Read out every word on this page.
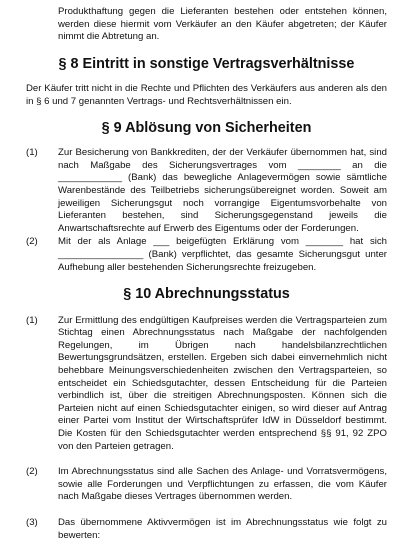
Produkthaftung gegen die Lieferanten bestehen oder entstehen können, werden diese hiermit vom Verkäufer an den Käufer abgetreten; der Käufer nimmt die Abtretung an.

§ 8 Eintritt in sonstige Vertragsverhältnisse

Der Käufer tritt nicht in die Rechte und Pflichten des Verkäufers aus anderen als den in § 6 und 7 genannten Vertrags- und Rechtsverhältnissen ein.

§ 9 Ablösung von Sicherheiten
(1)	Zur Besicherung von Bankkrediten, der der Verkäufer übernommen hat, sind nach Maßgabe des Sicherungsvertrages vom ________ an die ____________ (Bank) das bewegliche Anlagevermögen sowie sämtliche Warenbestände des Teilbetriebs sicherungsübereignet worden. Soweit am jeweiligen Sicherungsgut noch vorrangige Eigentumsvorbehalte von Lieferanten bestehen, sind Sicherungsgegenstand jeweils die Anwartschaftsrechte auf Erwerb des Eigentums oder der Forderungen.
(2)	Mit der als Anlage ___ beigefügten Erklärung vom _______ hat sich ________________ (Bank) verpflichtet, das gesamte Sicherungsgut unter Aufhebung aller bestehenden Sicherungsrechte freizugeben.
§ 10 Abrechnungsstatus
(1)	Zur Ermittlung des endgültigen Kaufpreises werden die Vertragsparteien zum Stichtag einen Abrechnungsstatus nach Maßgabe der nachfolgenden Regelungen, im Übrigen nach handelsbilanzrechtlichen Bewertungsgrundsätzen, erstellen. Ergeben sich dabei einvernehmlich nicht behebbare Meinungsverschiedenheiten zwischen den Vertragsparteien, so entscheidet ein Schiedsgutachter, dessen Entscheidung für die Parteien verbindlich ist, über die streitigen Abrechnungsposten. Können sich die Parteien nicht auf einen Schiedsgutachter einigen, so wird dieser auf Antrag einer Partei vom Institut der Wirtschaftsprüfer IdW in Düsseldorf bestimmt. Die Kosten für den Schiedsgutachter werden entsprechend §§ 91, 92 ZPO von den Parteien getragen.
(2)	Im Abrechnungsstatus sind alle Sachen des Anlage- und Vorratsvermögens, sowie alle Forderungen und Verpflichtungen zu erfassen, die vom Käufer nach Maßgabe dieses Vertrages übernommen werden.
(3)	Das übernommene Aktivvermögen ist im Abrechnungsstatus wie folgt zu bewerten:
